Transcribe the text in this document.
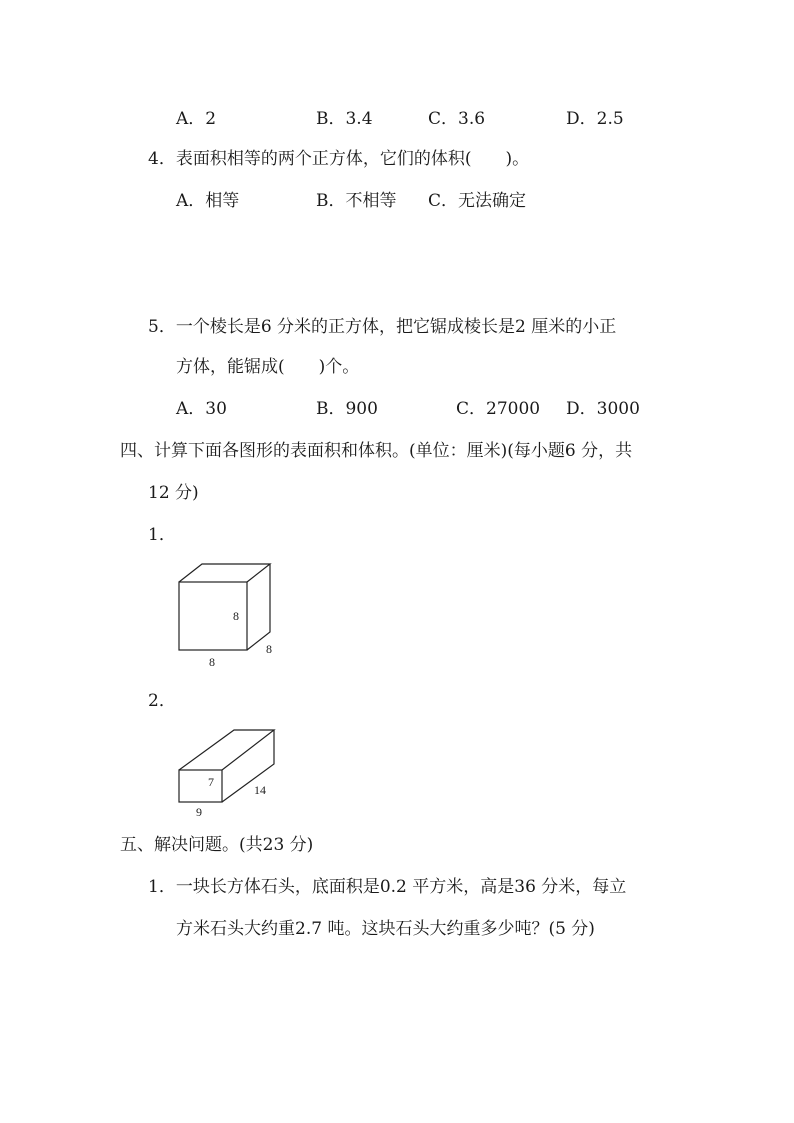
A．2	B．3.4	C．3.6	D．2.5
4．表面积相等的两个正方体，它们的体积(　　)。
A．相等	B．不相等 C．无法确定
5．一个棱长是6 分米的正方体，把它锯成棱长是2 厘米的小正
方体，能锯成(　　)个。
A．30	B．900	C．27000 D．3000
四、计算下面各图形的表面积和体积。(单位：厘米)(每小题6 分，共
12 分)
1．
8
8
8
2．
7
9
14
五、解决问题。(共23 分)
1．一块长方体石头，底面积是0.2 平方米，高是36 分米，每立
方米石头大约重2.7 吨。这块石头大约重多少吨？(5 分)
